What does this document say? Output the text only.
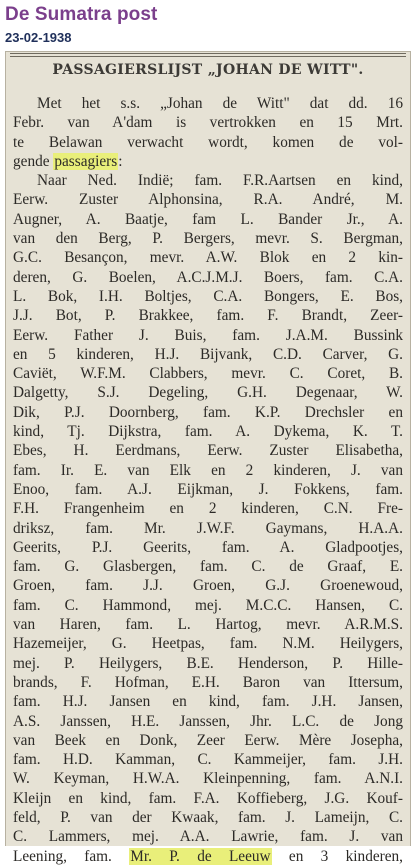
De Sumatra post
23-02-1938
PASSAGIERSLIJST „JOHAN DE WITT".
Met het s.s. „Johan de Witt" dat dd. 16
Febr. van A'dam is vertrokken en 15 Mrt.
te Belawan verwacht wordt, komen de vol-
gende passagiers:
Naar Ned. Indië; fam. F.R.Aartsen en kind,
Eerw. Zuster Alphonsina, R.A. André, M.
Augner, A. Baatje, fam L. Bander Jr., A.
van den Berg, P. Bergers, mevr. S. Bergman,
G.C. Besançon, mevr. A.W. Blok en 2 kin-
deren, G. Boelen, A.C.J.M.J. Boers, fam. C.A.
L. Bok, I.H. Boltjes, C.A. Bongers, E. Bos,
J.J. Bot, P. Brakkee, fam. F. Brandt, Zeer-
Eerw. Father J. Buis, fam. J.A.M. Bussink
en 5 kinderen, H.J. Bijvank, C.D. Carver, G.
Caviët, W.F.M. Clabbers, mevr. C. Coret, B.
Dalgetty, S.J. Degeling, G.H. Degenaar, W.
Dik, P.J. Doornberg, fam. K.P. Drechsler en
kind, Tj. Dijkstra, fam. A. Dykema, K. T.
Ebes, H. Eerdmans, Eerw. Zuster Elisabetha,
fam. Ir. E. van Elk en 2 kinderen, J. van
Enoo, fam. A.J. Eijkman, J. Fokkens, fam.
F.H. Frangenheim en 2 kinderen, C.N. Fre-
driksz, fam. Mr. J.W.F. Gaymans, H.A.A.
Geerits, P.J. Geerits, fam. A. Gladpootjes,
fam. G. Glasbergen, fam. C. de Graaf, E.
Groen, fam. J.J. Groen, G.J. Groenewoud,
fam. C. Hammond, mej. M.C.C. Hansen, C.
van Haren, fam. L. Hartog, mevr. A.R.M.S.
Hazemeijer, G. Heetpas, fam. N.M. Heilygers,
mej. P. Heilygers, B.E. Henderson, P. Hille-
brands, F. Hofman, E.H. Baron van Ittersum,
fam. H.J. Jansen en kind, fam. J.H. Jansen,
A.S. Janssen, H.E. Janssen, Jhr. L.C. de Jong
van Beek en Donk, Zeer Eerw. Mère Josepha,
fam. H.D. Kamman, C. Kammeijer, fam. J.H.
W. Keyman, H.W.A. Kleinpenning, fam. A.N.I.
Kleijn en kind, fam. F.A. Koffieberg, J.G. Kouf-
feld, P. van der Kwaak, fam. J. Lameijn, C.
C. Lammers, mej. A.A. Lawrie, fam. J. van
Leening, fam. Mr. P. de Leeuw en 3 kinderen,
